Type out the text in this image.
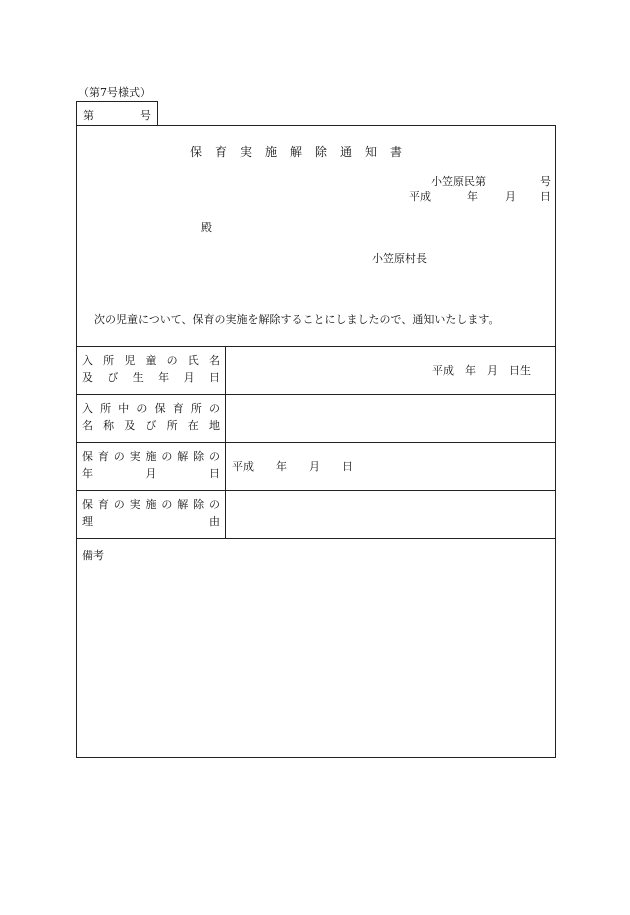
（第7号様式）
第	号
保育実施解除通知書
小笠原民第	号
平成	年 月 日
殿
小笠原村長
次の児童について、保育の実施を解除することにしましたので、通知いたします。
入 所 児 童 の 氏 名
及 び 生 年 月 日
平成　年　月　日生
入 所 中 の 保 育 所 の
名 称 及 び 所 在 地
保 育 の 実 施 の 解 除 の
年	月	日
平成　　年　　月　　日
保 育 の 実 施 の 解 除 の
理	由
備考
